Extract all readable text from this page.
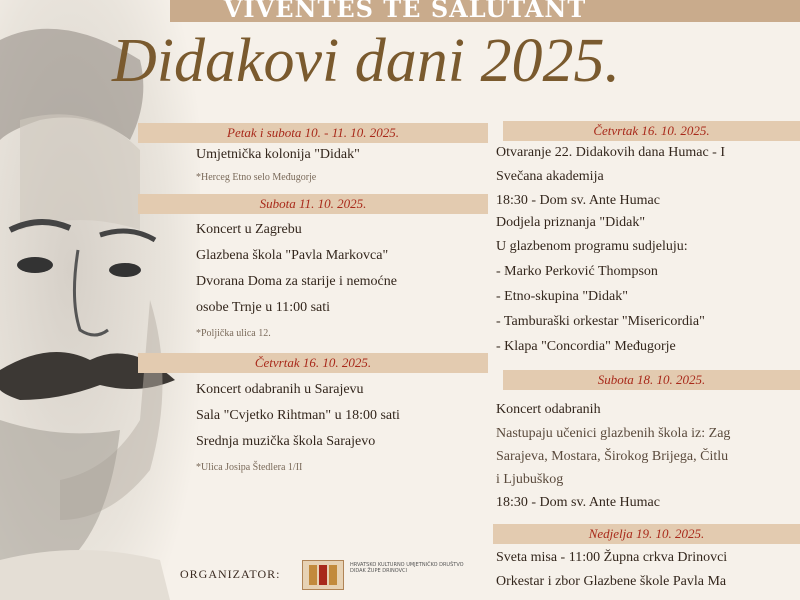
VIVENTES TE SALUTANT
Didakovi dani 2025.
Petak i subota 10. - 11. 10. 2025.
Umjetnička kolonija "Didak"
*Herceg Etno selo Međugorje
Subota 11. 10. 2025.
Koncert u Zagrebu
Glazbena škola "Pavla Markovca"
Dvorana Doma za starije i nemoćne
osobe Trnje u 11:00 sati
*Poljička ulica 12.
Četvrtak 16. 10. 2025.
Koncert odabranih u Sarajevu
Sala "Cvjetko Rihtman" u 18:00 sati
Srednja muzička škola Sarajevo
*Ulica Josipa Štedlera 1/II
Četvrtak 16. 10. 2025.
Otvaranje 22. Didakovih dana Humac - I
Svečana akademija
18:30 - Dom sv. Ante Humac
Dodjela priznanja "Didak"
U glazbenom programu sudjeluju:
- Marko Perković Thompson
- Etno-skupina "Didak"
- Tamburaški orkestar "Misericordia"
- Klapa "Concordia" Međugorje
Subota 18. 10. 2025.
Koncert odabranih
Nastupaju učenici glazbenih škola iz: Zag
Sarajeva, Mostara, Širokog Brijega, Čitlu
i Ljubuškog
18:30 - Dom sv. Ante Humac
Nedjelja 19. 10. 2025.
Sveta misa - 11:00 Župna crkva Drinovci
Orkestar i zbor Glazbene škole Pavla Ma
ORGANIZATOR:
HRVATSKO KULTURNO UMJETNIČKO DRUŠTVO DIDAK ŽUPE DRINOVCI
